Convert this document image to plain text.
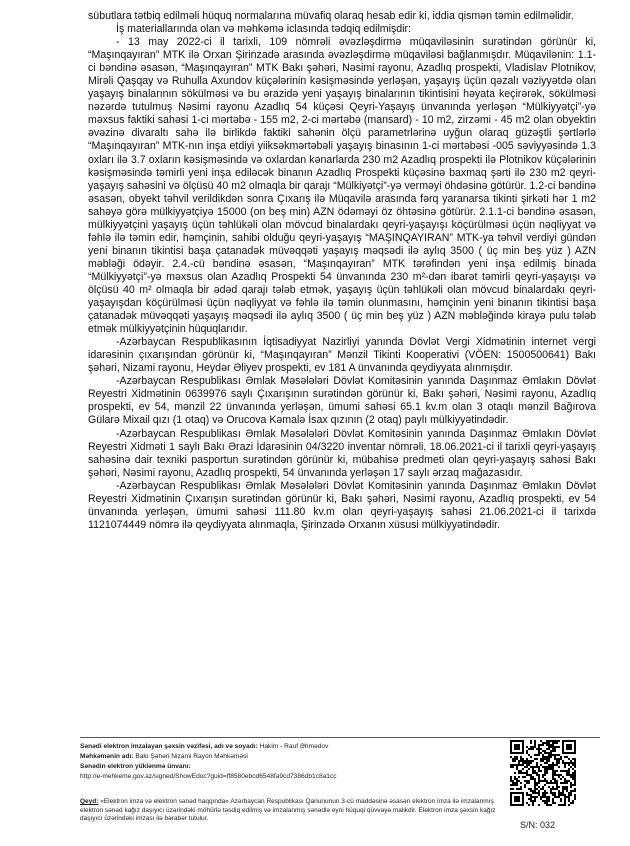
sübutlara tətbiq edilməli hüquq normalarına müvafiq olaraq hesab edir ki, iddia qismən təmin edilməlidir.

İş materiallarında olan və məhkəmə iclasında tədqiq edilmişdir:

- 13 may 2022-ci il tarixli, 109 nömrəli əvəzləşdirmə müqaviləsinin surətindən görünür ki, “Maşınqayıran” MTK ilə Orxan Şirinzadə arasında əvəzləşdirmə müqaviləsi bağlanmışdır. Müqavilənin: 1.1-ci bəndinə əsasən, “Maşınqayıran” MTK Bakı şəhəri, Nəsimi rayonu, Azadlıq prospekti, Vladislav Plotnikov, Mirəli Qaşqay və Ruhulla Axundov küçələrinin kəsişməsində yerləşən, yaşayış üçün qəzalı vəziyyətdə olan yaşayış binalarının sökülməsi və bu ərazidə yeni yaşayış binalarının tikintisini həyata keçirərək, sökülməsi nəzərdə tutulmuş Nəsimi rayonu Azadlıq 54 küçəsi Qeyri-Yaşayış ünvanında yerləşən “Mülkiyyətçi”-yə məxsus faktiki sahəsi 1-ci mərtəbə - 155 m2, 2-ci mərtəbə (mansard) - 10 m2, zirzəmi - 45 m2 olan obyektin əvəzinə divaraltı sahə ilə birlikdə faktiki sahənin ölçü parametrlərinə uyğun olaraq güzəştli şərtlərlə “Maşınqayıran” MTK-nın inşa etdiyi yiiksəkmərtəbəli yaşayış binasının 1-ci mərtəbəsi -005 səviyyəsində 1.3 oxları ilə 3.7 oxların kəsişməsində və oxlardan kənarlarda 230 m2 Azadlıq prospekti ilə Plotnikov küçələrinin kəsişməsində təmirli yeni inşa ediləcək binanın Azadlıq Prospekti küçəsinə baxmaq şərti ilə 230 m2 qeyri-yaşayış sahəsini və ölçüsü 40 m2 olmaqla bir qarajı “Mülkiyətçi”-yə verməyi öhdəsinə götürür. 1.2-ci bəndinə əsasən, obyekt təhvil verildikdən sonra Çıxarış ilə Müqavilə arasında fərq yaranarsa tikinti şirkəti hər 1 m2 sahəyə görə mülkiyyətçiyə 15000 (on beş min) AZN ödəməyi öz öhtəsinə götürür. 2.1.1-ci bəndinə əsasən, mülkiyyətçini yaşayış üçün təhlükəli olan mövcud binalardakı qeyri-yaşayışı köçürülməsi üçün nəqliyyat və fəhlə ilə təmin edir, həmçinin, sahibi olduğu qeyri-yaşayış “MAŞINQAYIRAN” MTK-ya təhvil verdiyi gündən yeni binanın tikintisi başa çatanadək müvəqqəti yaşayış məqsədi ilə aylıq 3500 ( üç min beş yüz ) AZN məbləği ödəyir. 2.4.-cü bəndinə əsasən, “Maşınqayıran” MTK tərəfindən yeni inşa edilmiş binada “Mülkiyyətçi”-yə məxsus olan Azadlıq Prospekti 54 ünvanında 230 m²-dən ibarət təmirli qeyri-yaşayışı və ölçüsü 40 m² olmaqla bir ədəd qarajı tələb etmək, yaşayış üçün təhlükəli olan mövcud binalardakı qeyri-yaşayışdan köçürülməsi üçün nəqliyyat və fəhlə ilə təmin olunmasını, həmçinin yeni binanın tikintisi başa çatanadək müvəqqəti yaşayış məqsədi ilə aylıq 3500 ( üç min beş yüz ) AZN məbləğində kirayə pulu tələb etmək mülkiyyətçinin hüquqlarıdır.

-Azərbaycan Respublikasının İqtisadiyyat Nazirliyi yanında Dövlət Vergi Xidmətinin internet vergi idarəsinin çıxarışından görünür ki, “Maşınqayıran” Mənzil Tikinti Kooperativi (VÖEN: 1500500641) Bakı şəhəri, Nizami rayonu, Heydər Əliyev prospekti, ev 181 A ünvanında qeydiyyata alınmışdır.

-Azərbaycan Respublikası Əmlak Məsələləri Dövlət Komitəsinin yanında Daşınmaz Əmlakın Dövlət Reyestri Xidmətinin 0639976 saylı Çıxarışının surətindən görünür ki, Bakı şəhəri, Nəsimi rayonu, Azadlıq prospekti, ev 54, mənzil 22 ünvanında yerləşən, ümumi sahəsi 65.1 kv.m olan 3 otaqlı mənzil Bağırova Gülarə Mixail qızı (1 otaq) və Orucova Kəmalə İsax qızının (2 otaq) paylı mülkiyyətindədir.

-Azərbaycan Respublikası Əmlak Məsələləri Dövlət Komitəsinin yanında Daşınmaz Əmlakın Dövlət Reyestri Xidməti 1 saylı Bakı Ərazi İdarəsinin 04/3220 inventar nömrəli, 18.06.2021-ci il tarixli qeyri-yaşayış sahəsinə dair texniki pasportun surətindən görünür ki, mübahisə predmeti olan qeyri-yaşayış sahəsi Bakı şəhəri, Nəsimi rayonu, Azadlıq prospekti, 54 ünvanında yerləşən 17 saylı ərzaq mağazasıdır.

-Azərbaycan Respublikası Əmlak Məsələləri Dövlət Komitəsinin yanında Daşınmaz Əmlakın Dövlət Reyestri Xidmətinin Çıxarışın surətindən görünür ki, Bakı şəhəri, Nəsimi rayonu, Azadlıq prospekti, ev 54 ünvanında yerləşən, ümumi sahəsi 111.80 kv.m olan qeyri-yaşayış sahəsi 21.06.2021-ci il tarixdə 1121074449 nömrə ilə qeydiyyata alınmaqla, Şirinzadə Orxanın xüsusi mülkiyyətindədir.

Sənədi elektron imzalayan şəxsin vəzifəsi, adı və soyadı: Hakim - Rauf Əhmədov
Məhkəmənin adı: Bakı Şəhəri Nizami Rayon Məhkəməsi
Sənədin elektron yüklənmə ünvanı:
http://e-mehkeme.gov.az/signed/ShowEdoc?guid=ff8580ebcd6548fa9cd7386db1c8a1cc
Qeyd: «Elektron imza və elektron sənəd haqqında» Azərbaycan Respublikası Qanununun 3-cü maddəsinə əsasən elektron imza ilə imzalanmış elektron sənəd kağız daşıyıcı üzərindəki möhürlə təsdiq edilmiş və imzalanmış sənədlə eyni hüquqi qüvvəyə malikdir. Elektron imza şəxsin kağız daşıyıcı üzərindəki imzası ilə bərabər tutulur.
S/N: 032
